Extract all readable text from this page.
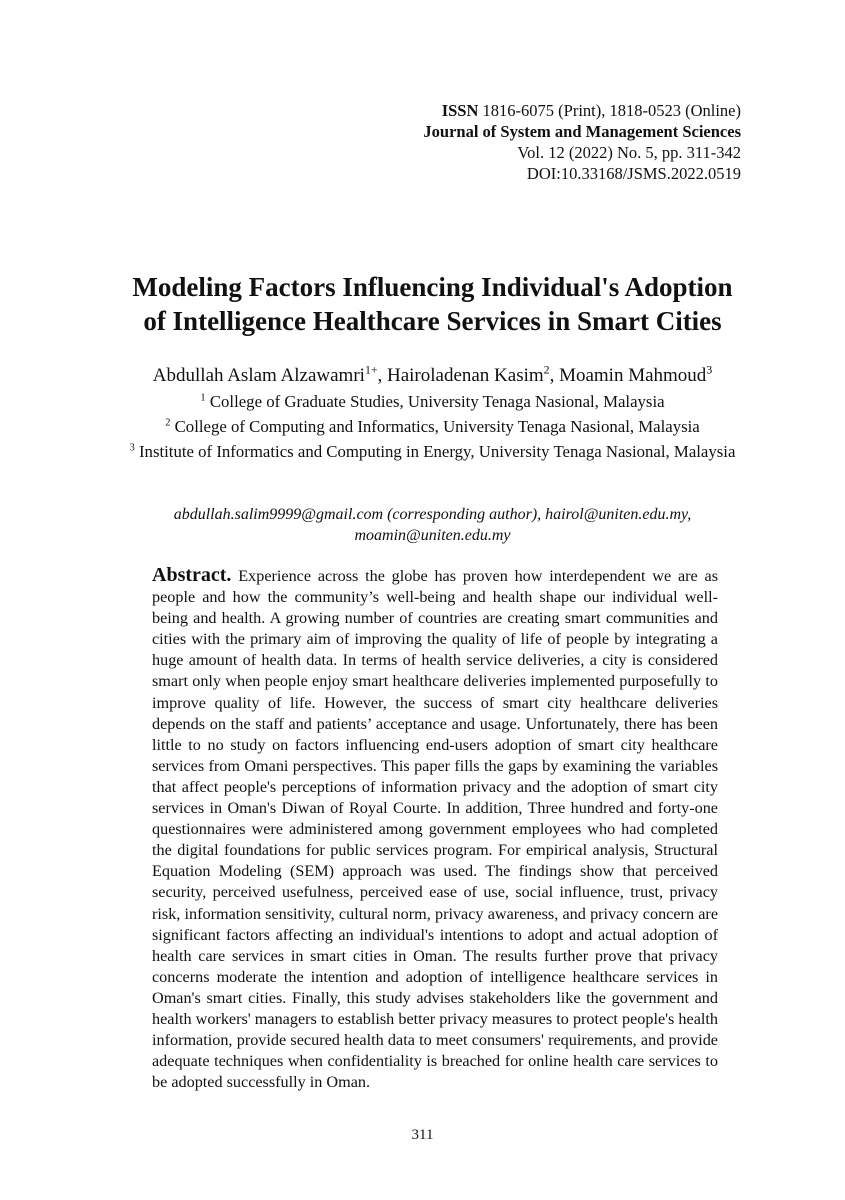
ISSN 1816-6075 (Print), 1818-0523 (Online)
Journal of System and Management Sciences
Vol. 12 (2022) No. 5, pp. 311-342
DOI:10.33168/JSMS.2022.0519
Modeling Factors Influencing Individual's Adoption
of Intelligence Healthcare Services in Smart Cities
Abdullah Aslam Alzawamri$^{1+}$, Hairoladenan Kasim$^2$, Moamin Mahmoud$^3$
$^1$ College of Graduate Studies, University Tenaga Nasional, Malaysia
$^2$ College of Computing and Informatics, University Tenaga Nasional, Malaysia
$^3$ Institute of Informatics and Computing in Energy, University Tenaga Nasional, Malaysia
abdullah.salim9999@gmail.com (corresponding author), hairol@uniten.edu.my, moamin@uniten.edu.my
Abstract. Experience across the globe has proven how interdependent we are as people and how the community’s well-being and health shape our individual well-being and health. A growing number of countries are creating smart communities and cities with the primary aim of improving the quality of life of people by integrating a huge amount of health data. In terms of health service deliveries, a city is considered smart only when people enjoy smart healthcare deliveries implemented purposefully to improve quality of life. However, the success of smart city healthcare deliveries depends on the staff and patients’ acceptance and usage. Unfortunately, there has been little to no study on factors influencing end-users adoption of smart city healthcare services from Omani perspectives. This paper fills the gaps by examining the variables that affect people's perceptions of information privacy and the adoption of smart city services in Oman's Diwan of Royal Courte. In addition, Three hundred and forty-one questionnaires were administered among government employees who had completed the digital foundations for public services program. For empirical analysis, Structural Equation Modeling (SEM) approach was used. The findings show that perceived security, perceived usefulness, perceived ease of use, social influence, trust, privacy risk, information sensitivity, cultural norm, privacy awareness, and privacy concern are significant factors affecting an individual's intentions to adopt and actual adoption of health care services in smart cities in Oman. The results further prove that privacy concerns moderate the intention and adoption of intelligence healthcare services in Oman's smart cities. Finally, this study advises stakeholders like the government and health workers' managers to establish better privacy measures to protect people's health information, provide secured health data to meet consumers' requirements, and provide adequate techniques when confidentiality is breached for online health care services to be adopted successfully in Oman.
311
